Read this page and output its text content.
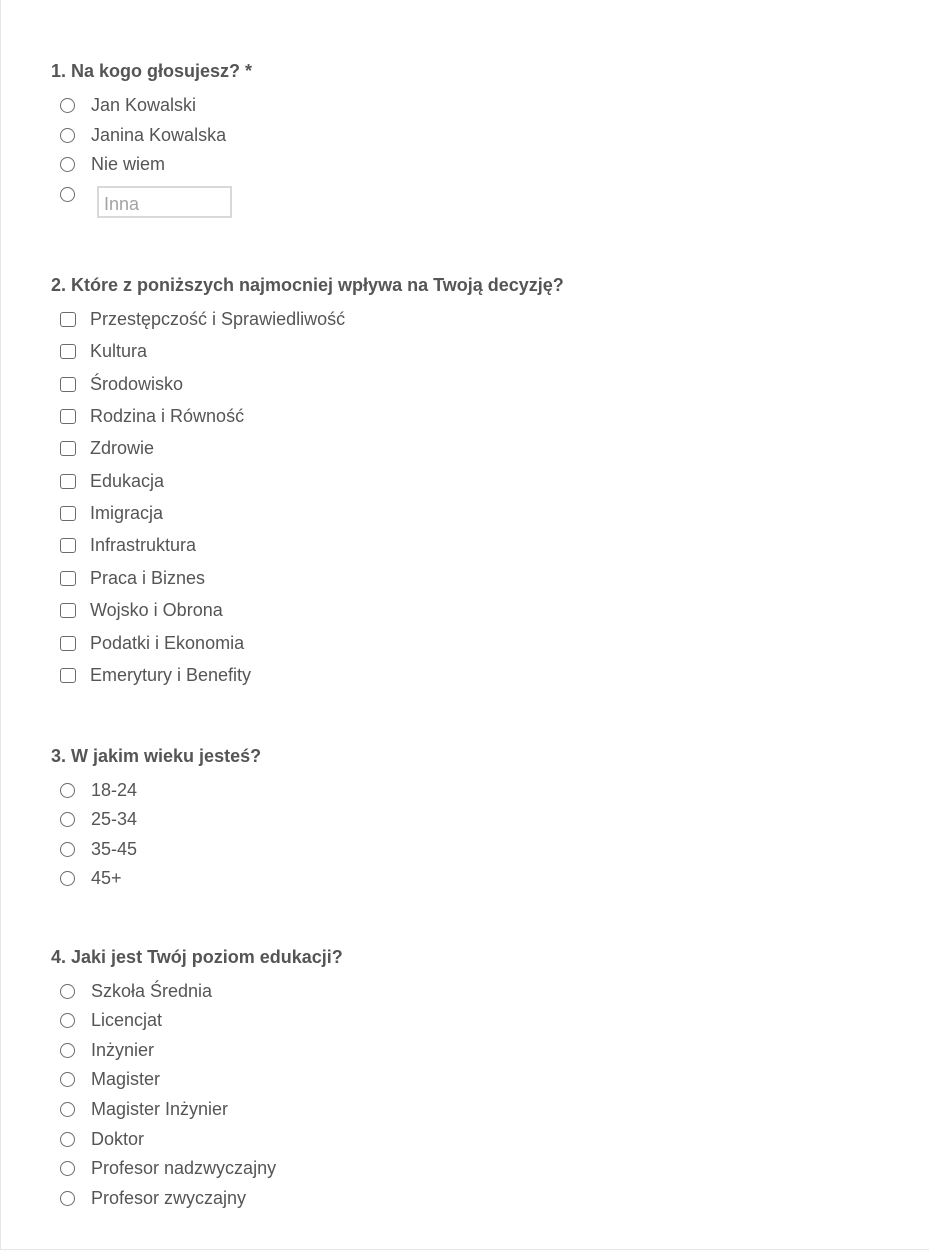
1. Na kogo głosujesz? *
Jan Kowalski
Janina Kowalska
Nie wiem
Inna
2. Które z poniższych najmocniej wpływa na Twoją decyzję?
Przestępczość i Sprawiedliwość
Kultura
Środowisko
Rodzina i Równość
Zdrowie
Edukacja
Imigracja
Infrastruktura
Praca i Biznes
Wojsko i Obrona
Podatki i Ekonomia
Emerytury i Benefity
3. W jakim wieku jesteś?
18-24
25-34
35-45
45+
4. Jaki jest Twój poziom edukacji?
Szkoła Średnia
Licencjat
Inżynier
Magister
Magister Inżynier
Doktor
Profesor nadzwyczajny
Profesor zwyczajny
